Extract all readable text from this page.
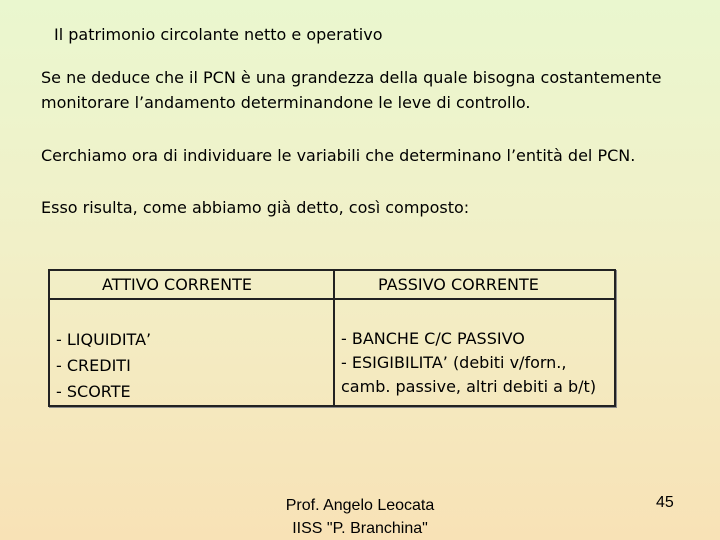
Il patrimonio circolante netto e operativo
Se ne deduce che il PCN è una grandezza della quale bisogna costantemente
monitorare l’andamento determinandone le leve di controllo.
Cerchiamo ora di individuare le variabili che determinano l’entità del PCN.
Esso risulta, come abbiamo già detto, così composto:
ATTIVO CORRENTE	PASSIVO CORRENTE
- LIQUIDITA’
- CREDITI
- SCORTE
- BANCHE C/C PASSIVO
- ESIGIBILITA’ (debiti v/forn.,
camb. passive, altri debiti a b/t)
Prof. Angelo Leocata
IISS "P. Branchina"
45
